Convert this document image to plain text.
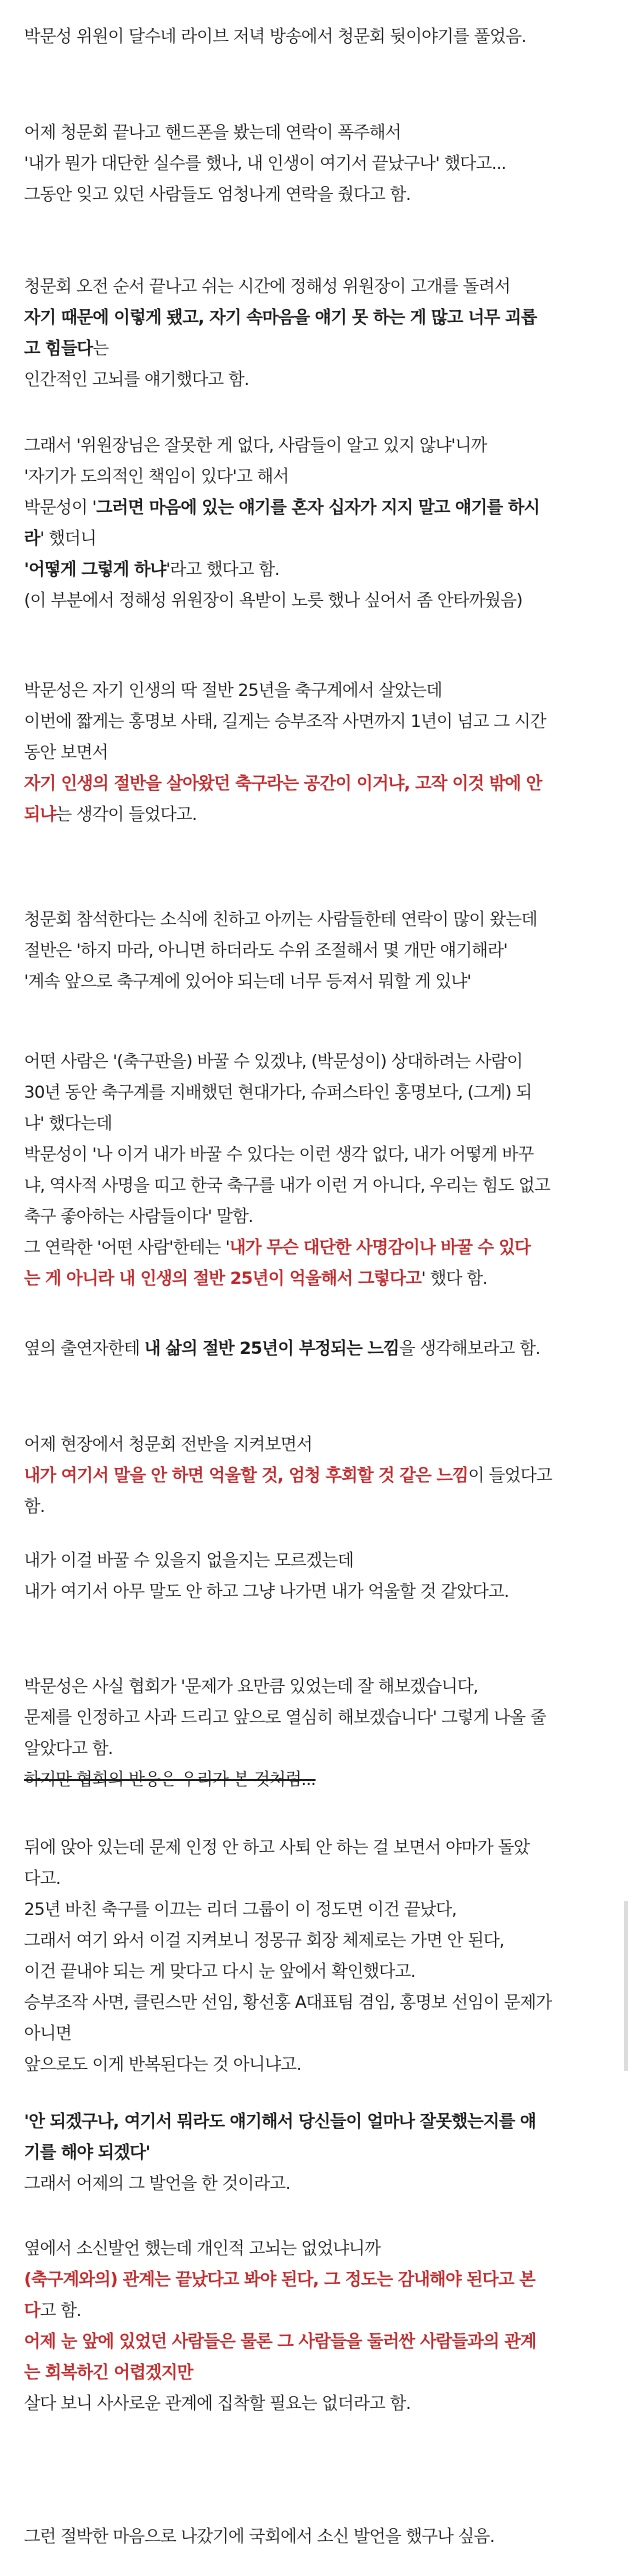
박문성 위원이 달수네 라이브 저녁 방송에서 청문회 뒷이야기를 풀었음.
어제 청문회 끝나고 핸드폰을 봤는데 연락이 폭주해서
'내가 뭔가 대단한 실수를 했나, 내 인생이 여기서 끝났구나' 했다고...
그동안 잊고 있던 사람들도 엄청나게 연락을 줬다고 함.
청문회 오전 순서 끝나고 쉬는 시간에 정해성 위원장이 고개를 돌려서
자기 때문에 이렇게 됐고, 자기 속마음을 얘기 못 하는 게 많고 너무 괴롭
고 힘들다는
인간적인 고뇌를 얘기했다고 함.
그래서 '위원장님은 잘못한 게 없다, 사람들이 알고 있지 않냐'니까
'자기가 도의적인 책임이 있다'고 해서
박문성이 '그러면 마음에 있는 얘기를 혼자 십자가 지지 말고 얘기를 하시
라' 했더니
'어떻게 그렇게 하냐'라고 했다고 함.
(이 부분에서 정해성 위원장이 욕받이 노릇 했나 싶어서 좀 안타까웠음)
박문성은 자기 인생의 딱 절반 25년을 축구계에서 살았는데
이번에 짧게는 홍명보 사태, 길게는 승부조작 사면까지 1년이 넘고 그 시간
동안 보면서
자기 인생의 절반을 살아왔던 축구라는 공간이 이거냐, 고작 이것 밖에 안
되냐는 생각이 들었다고.
청문회 참석한다는 소식에 친하고 아끼는 사람들한테 연락이 많이 왔는데
절반은 '하지 마라, 아니면 하더라도 수위 조절해서 몇 개만 얘기해라'
'계속 앞으로 축구계에 있어야 되는데 너무 등져서 뭐할 게 있냐'
어떤 사람은 '(축구판을) 바꿀 수 있겠냐, (박문성이) 상대하려는 사람이
30년 동안 축구계를 지배했던 현대가다, 슈퍼스타인 홍명보다, (그게) 되
냐' 했다는데
박문성이 '나 이거 내가 바꿀 수 있다는 이런 생각 없다, 내가 어떻게 바꾸
냐, 역사적 사명을 띠고 한국 축구를 내가 이런 거 아니다, 우리는 힘도 없고
축구 좋아하는 사람들이다' 말함.
그 연락한 '어떤 사람'한테는 '내가 무슨 대단한 사명감이나 바꿀 수 있다
는 게 아니라 내 인생의 절반 25년이 억울해서 그렇다고' 했다 함.
옆의 출연자한테 내 삶의 절반 25년이 부정되는 느낌을 생각해보라고 함.
어제 현장에서 청문회 전반을 지켜보면서
내가 여기서 말을 안 하면 억울할 것, 엄청 후회할 것 같은 느낌이 들었다고
함.
내가 이걸 바꿀 수 있을지 없을지는 모르겠는데
내가 여기서 아무 말도 안 하고 그냥 나가면 내가 억울할 것 같았다고.
박문성은 사실 협회가 '문제가 요만큼 있었는데 잘 해보겠습니다,
문제를 인정하고 사과 드리고 앞으로 열심히 해보겠습니다' 그렇게 나올 줄
알았다고 함.
하지만 협회의 반응은 우리가 본 것처럼...
뒤에 앉아 있는데 문제 인정 안 하고 사퇴 안 하는 걸 보면서 야마가 돌았
다고.
25년 바친 축구를 이끄는 리더 그룹이 이 정도면 이건 끝났다,
그래서 여기 와서 이걸 지켜보니 정몽규 회장 체제로는 가면 안 된다,
이건 끝내야 되는 게 맞다고 다시 눈 앞에서 확인했다고.
승부조작 사면, 클린스만 선임, 황선홍 A대표팀 겸임, 홍명보 선임이 문제가
아니면
앞으로도 이게 반복된다는 것 아니냐고.
'안 되겠구나, 여기서 뭐라도 얘기해서 당신들이 얼마나 잘못했는지를 얘
기를 해야 되겠다'
그래서 어제의 그 발언을 한 것이라고.
옆에서 소신발언 했는데 개인적 고뇌는 없었냐니까
(축구계와의) 관계는 끝났다고 봐야 된다, 그 정도는 감내해야 된다고 본
다고 함.
어제 눈 앞에 있었던 사람들은 물론 그 사람들을 둘러싼 사람들과의 관계
는 회복하긴 어렵겠지만
살다 보니 사사로운 관계에 집착할 필요는 없더라고 함.
그런 절박한 마음으로 나갔기에 국회에서 소신 발언을 했구나 싶음.
